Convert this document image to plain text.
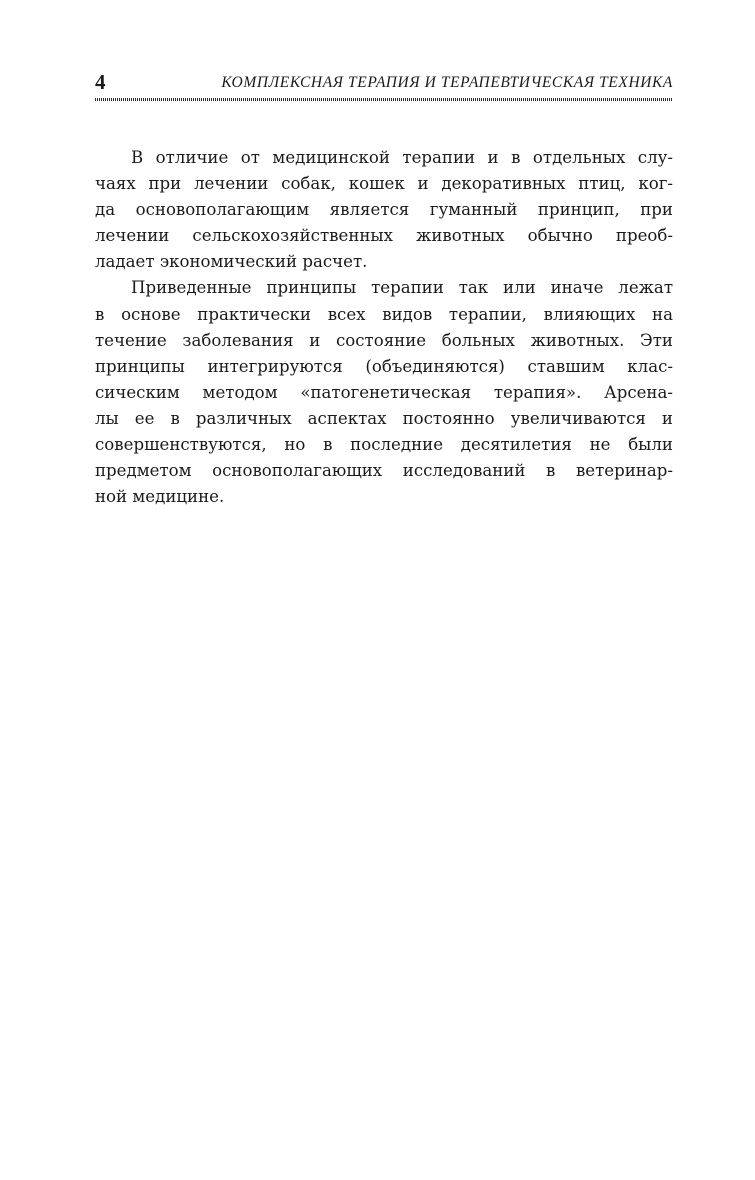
4	КОМПЛЕКСНАЯ ТЕРАПИЯ И ТЕРАПЕВТИЧЕСКАЯ ТЕХНИКА
В отличие от медицинской терапии и в отдельных слу-
чаях при лечении собак, кошек и декоративных птиц, ког-
да основополагающим является гуманный принцип, при
лечении сельскохозяйственных животных обычно преоб-
ладает экономический расчет.
Приведенные принципы терапии так или иначе лежат
в основе практически всех видов терапии, влияющих на
течение заболевания и состояние больных животных. Эти
принципы интегрируются (объединяются) ставшим клас-
сическим методом «патогенетическая терапия». Арсена-
лы ее в различных аспектах постоянно увеличиваются и
совершенствуются, но в последние десятилетия не были
предметом основополагающих исследований в ветеринар-
ной медицине.
